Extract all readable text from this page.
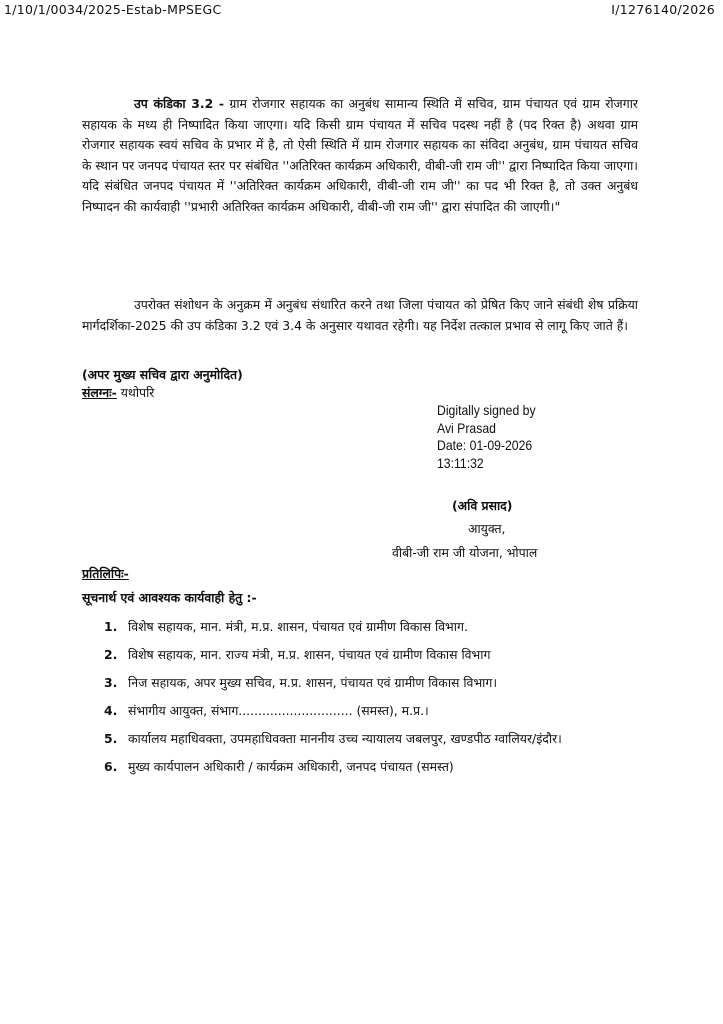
1/10/1/0034/2025-Estab-MPSEGC	I/1276140/2026

उप कंडिका 3.2 - ग्राम रोजगार सहायक का अनुबंध सामान्य स्थिति में सचिव, ग्राम पंचायत एवं ग्राम रोजगार सहायक के मध्य ही निष्पादित किया जाएगा। यदि किसी ग्राम पंचायत में सचिव पदस्थ नहीं है (पद रिक्त है) अथवा ग्राम रोजगार सहायक स्वयं सचिव के प्रभार में है, तो ऐसी स्थिति में ग्राम रोजगार सहायक का संविदा अनुबंध, ग्राम पंचायत सचिव के स्थान पर जनपद पंचायत स्तर पर संबंधित ''अतिरिक्त कार्यक्रम अधिकारी, वीबी-जी राम जी'' द्वारा निष्पादित किया जाएगा। यदि संबंधित जनपद पंचायत में ''अतिरिक्त कार्यक्रम अधिकारी, वीबी-जी राम जी'' का पद भी रिक्त है, तो उक्त अनुबंध निष्पादन की कार्यवाही ''प्रभारी अतिरिक्त कार्यक्रम अधिकारी, वीबी-जी राम जी'' द्वारा संपादित की जाएगी।"

उपरोक्त संशोधन के अनुक्रम में अनुबंध संधारित करने तथा जिला पंचायत को प्रेषित किए जाने संबंधी शेष प्रक्रिया मार्गदर्शिका-2025 की उप कंडिका 3.2 एवं 3.4 के अनुसार यथावत रहेगी। यह निर्देश तत्काल प्रभाव से लागू किए जाते हैं।

(अपर मुख्य सचिव द्वारा अनुमोदित)
संलग्नः- यथोपरि
Digitally signed by
Avi Prasad
Date: 01-09-2026
13:11:32
(अवि प्रसाद)
आयुक्त,
वीबी-जी राम जी योजना, भोपाल
प्रतिलिपिः-
सूचनार्थ एवं आवश्यक कार्यवाही हेतु :-
1. विशेष सहायक, मान. मंत्री, म.प्र. शासन, पंचायत एवं ग्रामीण विकास विभाग.
2. विशेष सहायक, मान. राज्य मंत्री, म.प्र. शासन, पंचायत एवं ग्रामीण विकास विभाग
3. निज सहायक, अपर मुख्य सचिव, म.प्र. शासन, पंचायत एवं ग्रामीण विकास विभाग।
4. संभागीय आयुक्त, संभाग............................. (समस्त), म.प्र.।
5. कार्यालय महाधिवक्ता, उपमहाधिवक्ता माननीय उच्च न्यायालय जबलपुर, खण्डपीठ ग्वालियर/इंदौर।
6. मुख्य कार्यपालन अधिकारी / कार्यक्रम अधिकारी, जनपद पंचायत (समस्त)
